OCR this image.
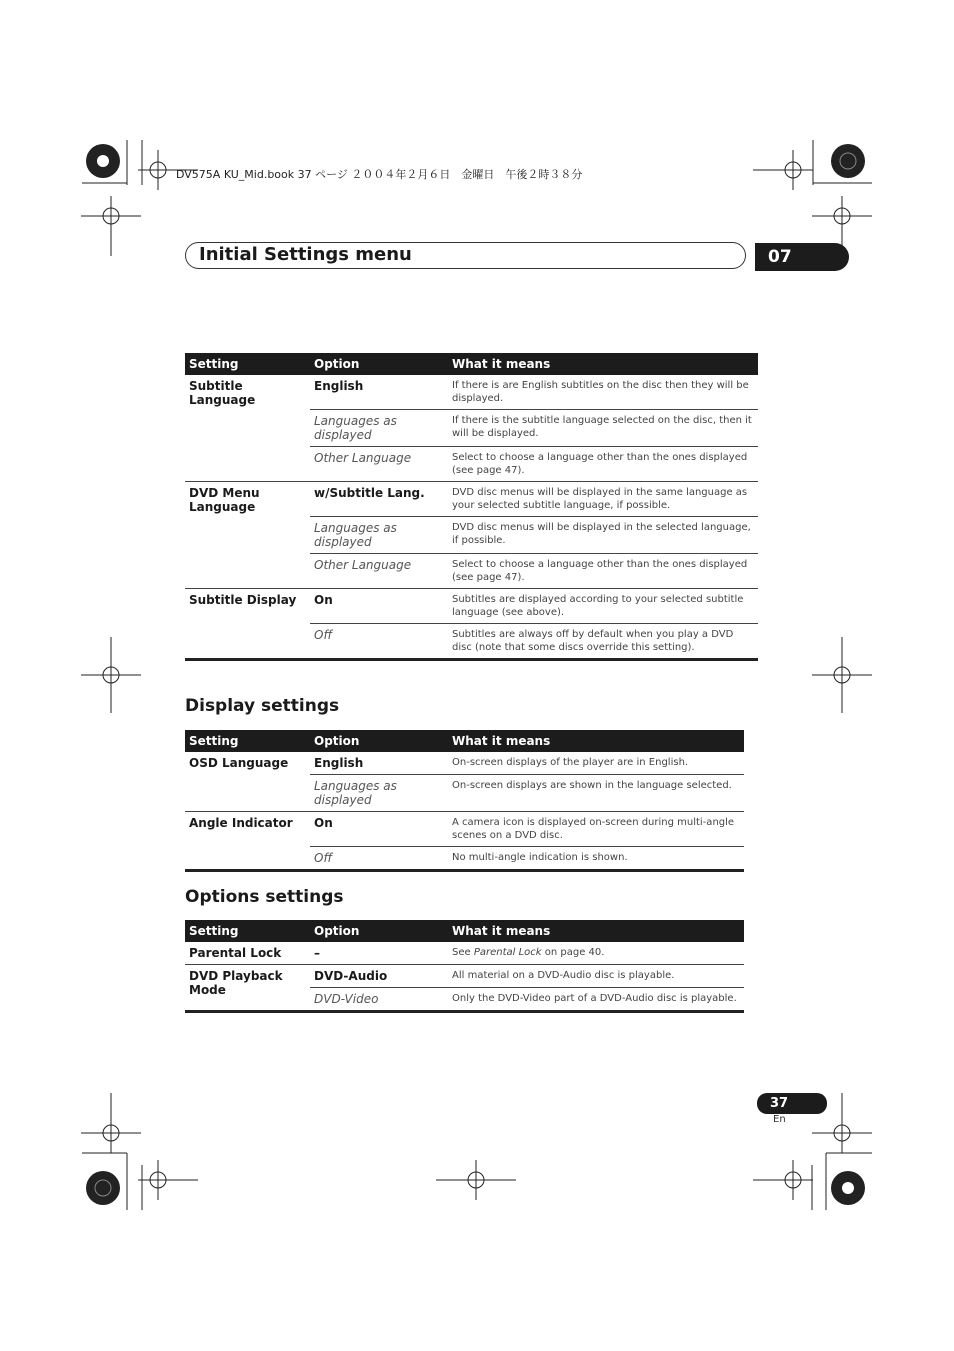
DV575A KU_Mid.book 37 ページ ２００４年２月６日　金曜日　午後２時３８分
Initial Settings menu	07
Setting	Option	What it means
Subtitle Language	English	If there is are English subtitles on the disc then they will be displayed.
	Languages as displayed	If there is the subtitle language selected on the disc, then it will be displayed.
	Other Language	Select to choose a language other than the ones displayed (see page 47).
DVD Menu Language	w/Subtitle Lang.	DVD disc menus will be displayed in the same language as your selected subtitle language, if possible.
	Languages as displayed	DVD disc menus will be displayed in the selected language, if possible.
	Other Language	Select to choose a language other than the ones displayed (see page 47).
Subtitle Display	On	Subtitles are displayed according to your selected subtitle language (see above).
	Off	Subtitles are always off by default when you play a DVD disc (note that some discs override this setting).
Display settings
Setting	Option	What it means
OSD Language	English	On-screen displays of the player are in English.
	Languages as displayed	On-screen displays are shown in the language selected.
Angle Indicator	On	A camera icon is displayed on-screen during multi-angle scenes on a DVD disc.
	Off	No multi-angle indication is shown.
Options settings
Setting	Option	What it means
Parental Lock	–	See Parental Lock on page 40.
DVD Playback Mode	DVD-Audio	All material on a DVD-Audio disc is playable.
	DVD-Video	Only the DVD-Video part of a DVD-Audio disc is playable.
37
En
